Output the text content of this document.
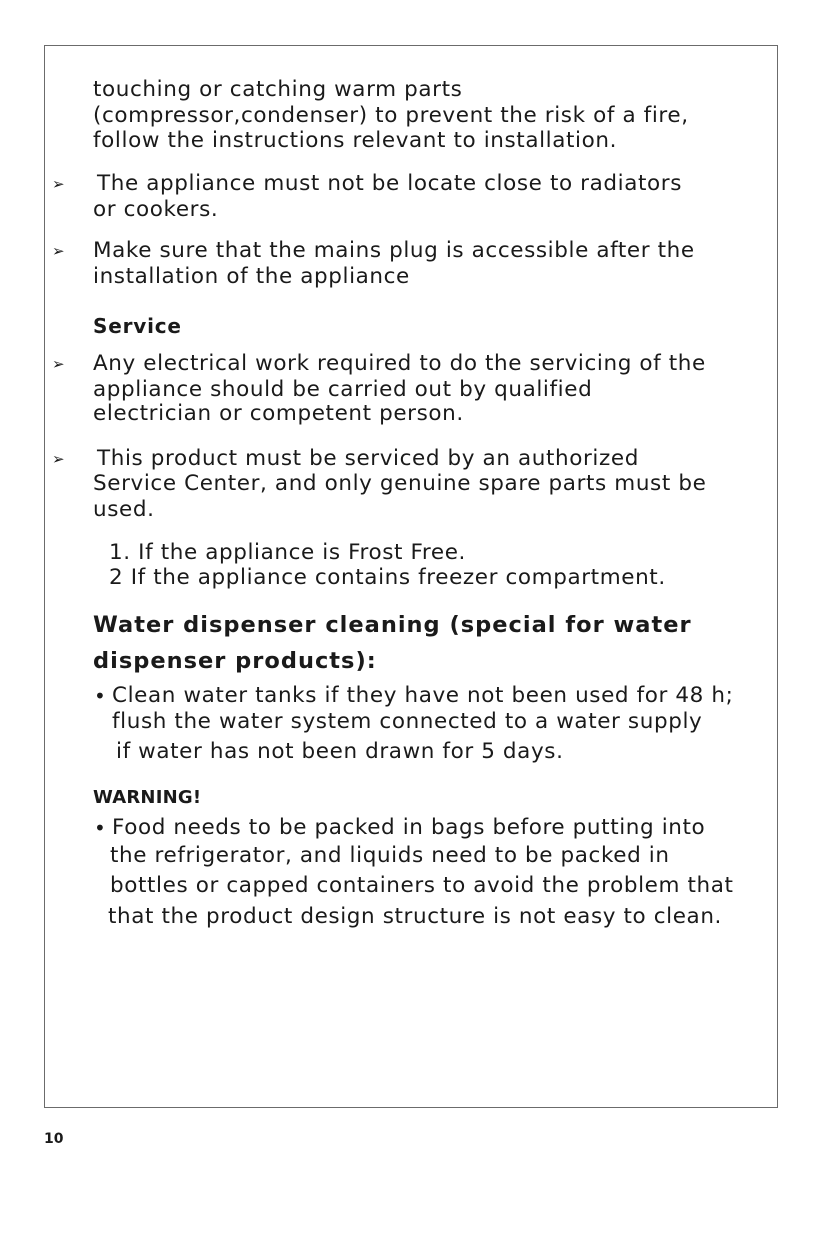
touching or catching warm parts
(compressor,condenser) to prevent the risk of a fire,
follow the instructions relevant to installation.
➢ The appliance must not be locate close to radiators
or cookers.
➢ Make sure that the mains plug is accessible after the
installation of the appliance
Service
➢ Any electrical work required to do the servicing of the
appliance should be carried out by qualified
electrician or competent person.
➢ This product must be serviced by an authorized
Service Center, and only genuine spare parts must be
used.
1. If the appliance is Frost Free.
2 If the appliance contains freezer compartment.
Water dispenser cleaning (special for water
dispenser products):
• Clean water tanks if they have not been used for 48 h;
flush the water system connected to a water supply
if water has not been drawn for 5 days.
WARNING!
• Food needs to be packed in bags before putting into
the refrigerator, and liquids need to be packed in
bottles or capped containers to avoid the problem that
that the product design structure is not easy to clean.
10
